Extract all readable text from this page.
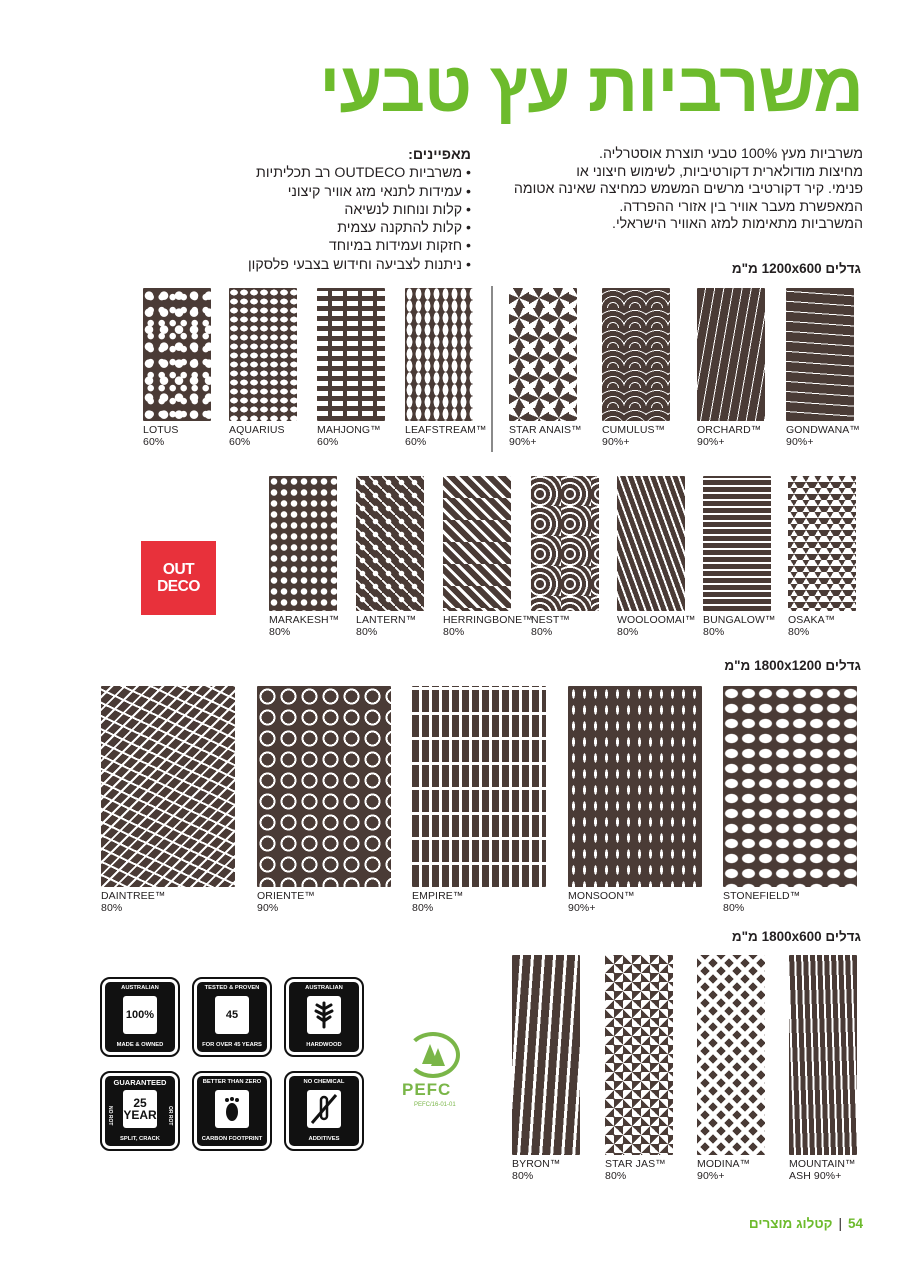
משרביות עץ טבעי
משרביות מעץ 100% טבעי תוצרת אוסטרליה.
מחיצות מודולארית דקורטיביות, לשימוש חיצוני או
פנימי. קיר דקורטיבי מרשים המשמש כמחיצה שאינה אטומה
המאפשרת מעבר אוויר בין אזורי ההפרדה.
המשרביות מתאימות למזג האוויר הישראלי.
מאפיינים:
• משרביות OUTDECO רב תכליתיות
• עמידות לתנאי מזג אוויר קיצוני
• קלות ונוחות לנשיאה
• קלות להתקנה עצמית
• חזקות ועמידות במיוחד
• ניתנות לצביעה וחידוש בצבעי פלסקון	גדלים 1200x600 מ"מ
LOTUS
60%
AQUARIUS
60%
MAHJONG™
60%
LEAFSTREAM™
60%
STAR ANAIS™
90%+
CUMULUS™
90%+
ORCHARD™
90%+
GONDWANA™
90%+
OUT
DECO
MARAKESH™
80%
LANTERN™
80%
HERRINGBONE™
80%
NEST™
80%
WOOLOOMAI™
80%
BUNGALOW™
80%
OSAKA™
80%
גדלים 1800x1200 מ"מ
DAINTREE™
80%
ORIENTE™
90%
EMPIRE™
80%
MONSOON™
90%+
STONEFIELD™
80%
גדלים 1800x600 מ"מ
AUSTRALIAN
100%
MADE & OWNED
TESTED & PROVEN
45
FOR OVER 45 YEARS
AUSTRALIAN
HARDWOOD
GUARANTEED
25 YEAR
NO ROT	OR ROT
SPLIT, CRACK
BETTER THAN ZERO
CARBON FOOTPRINT
NO CHEMICAL
ADDITIVES
PEFC
PEFC/16-01-01
BYRON™
80%
STAR JAS™
80%
MODINA™
90%+
MOUNTAIN™
ASH 90%+
54|קטלוג מוצרים
